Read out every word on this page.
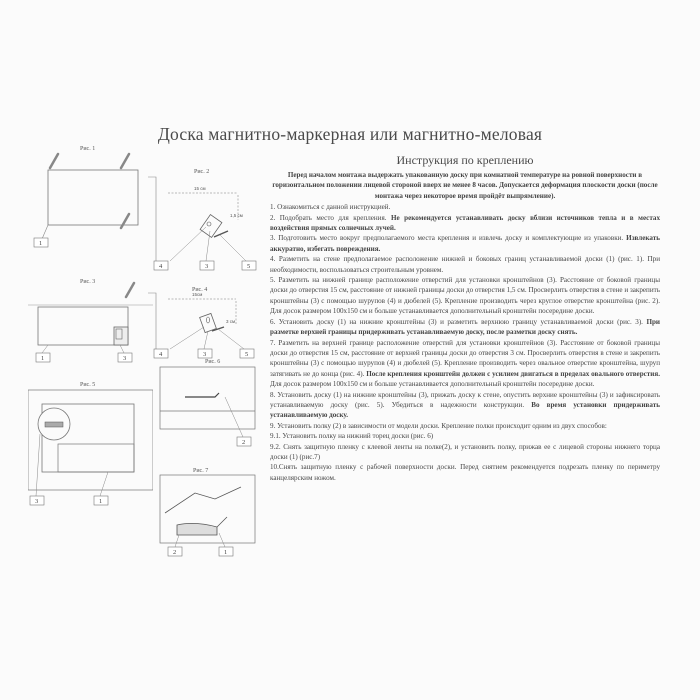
Доска магнитно-маркерная или магнитно-меловая
Инструкция по креплению

Перед началом монтажа выдержать упакованную доску при комнатной температуре на ровной поверхности в горизонтальном положении лицевой стороной вверх не менее 8 часов. Допускается деформация плоскости доски (после монтажа через некоторое время пройдёт выпрямление).

1. Ознакомиться с данной инструкцией.

2. Подобрать место для крепления. Не рекомендуется устанавливать доску вблизи источников тепла и в местах воздействия прямых солнечных лучей.

3. Подготовить место вокруг предполагаемого места крепления и извлечь доску и комплектующие из упаковки. Извлекать аккуратно, избегать повреждения.

4. Разметить на стене предполагаемое расположение нижней и боковых границ устанавливаемой доски (1) (рис. 1). При необходимости, воспользоваться строительным уровнем.

5. Разметить на нижней границе расположение отверстий для установки кронштейнов (3). Расстояние от боковой границы доски до отверстия 15 см, расстояние от нижней границы доски до отверстия 1,5 см. Просверлить отверстия в стене и закрепить кронштейны (3) с помощью шурупов (4) и дюбелей (5). Крепление производить через круглое отверстие кронштейна (рис. 2). Для досок размером 100x150 см и больше устанавливается дополнительный кронштейн посередине доски.

6. Установить доску (1) на нижние кронштейны (3) и разметить верхнюю границу устанавливаемой доски (рис. 3). При разметке верхней границы придерживать устанавливаемую доску, после разметки доску снять.

7. Разметить на верхней границе расположение отверстий для установки кронштейнов (3). Расстояние от боковой границы доски до отверстия 15 см, расстояние от верхней границы доски до отверстия 3 см. Просверлить отверстия в стене и закрепить кронштейны (3) с помощью шурупов (4) и дюбелей (5). Крепление производить через овальное отверстие кронштейна, шуруп затягивать не до конца (рис. 4). После крепления кронштейн должен с усилием двигаться в пределах овального отверстия. Для досок размером 100x150 см и больше устанавливается дополнительный кронштейн посередине доски.

8. Установить доску (1) на нижние кронштейны (3), прижать доску к стене, опустить верхние кронштейны (3) и зафиксировать устанавливаемую доску (рис. 5). Убедиться в надежности конструкции. Во время установки придерживать устанавливаемую доску.

9. Установить полку (2) в зависимости от модели доски. Крепление полки происходит одним из двух способов:

9.1. Установить полку на нижний торец доски (рис. 6)

9.2. Снять защитную пленку с клеевой ленты на полке(2), и установить полку, прижав ее с лицевой стороны нижнего торца доски (1) (рис.7)

10.Снять защитную пленку с рабочей поверхности доски. Перед снятием рекомендуется подрезать пленку по периметру канцелярским ножом.

Рис. 1
1
Рис. 2
15 см
1,5 см
4	3	5
Рис. 3
1	3
Рис. 4
15см
3 см
4	3	5
Рис. 5
3	1
Рис. 6
2
Рис. 7
2	1
